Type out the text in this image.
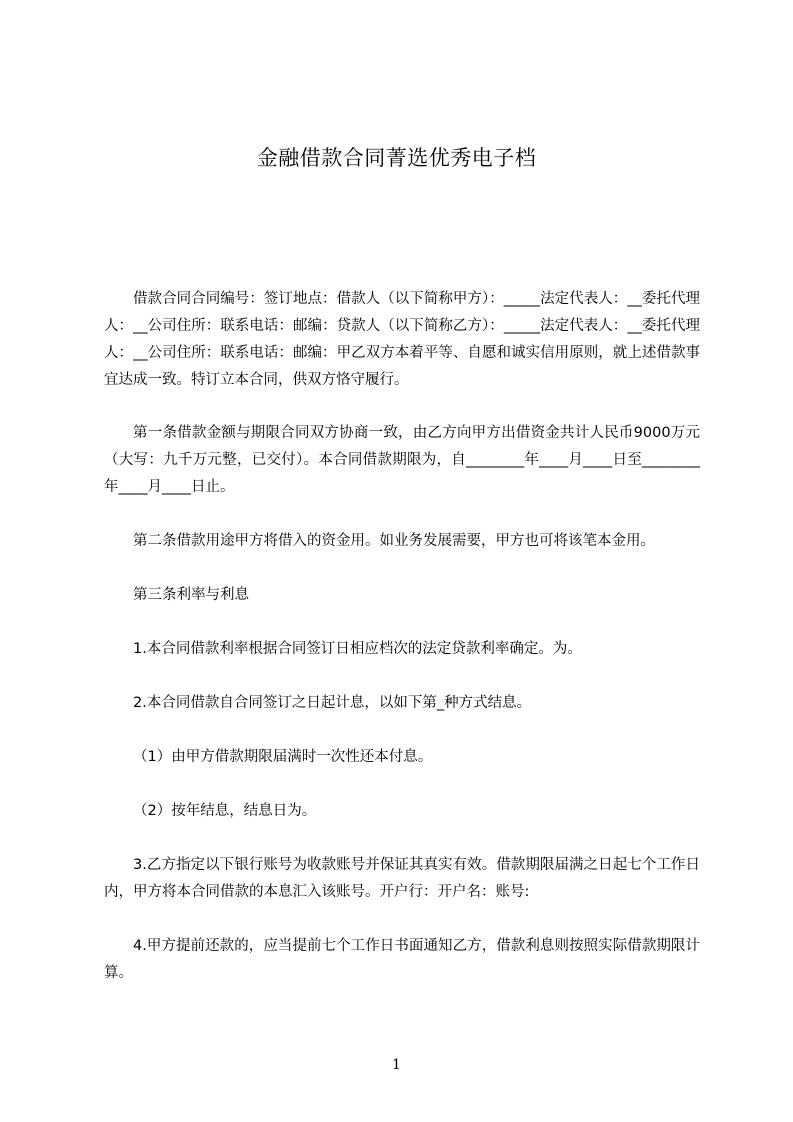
金融借款合同菁选优秀电子档

借款合同合同编号：签订地点：借款人（以下简称甲方）：_____法定代表人：__委托代理人：__公司住所：联系电话：邮编：贷款人（以下简称乙方）：_____法定代表人：__委托代理人：__公司住所：联系电话：邮编：甲乙双方本着平等、自愿和诚实信用原则，就上述借款事宜达成一致。特订立本合同，供双方恪守履行。

第一条借款金额与期限合同双方协商一致，由乙方向甲方出借资金共计人民币9000万元（大写：九千万元整，已交付）。本合同借款期限为，自________年____月____日至________年____月____日止。

第二条借款用途甲方将借入的资金用。如业务发展需要，甲方也可将该笔本金用。

第三条利率与利息

1.本合同借款利率根据合同签订日相应档次的法定贷款利率确定。为。

2.本合同借款自合同签订之日起计息，以如下第_种方式结息。

（1）由甲方借款期限届满时一次性还本付息。

（2）按年结息，结息日为。

3.乙方指定以下银行账号为收款账号并保证其真实有效。借款期限届满之日起七个工作日内，甲方将本合同借款的本息汇入该账号。开户行：开户名：账号:

4.甲方提前还款的，应当提前七个工作日书面通知乙方，借款利息则按照实际借款期限计算。

1
